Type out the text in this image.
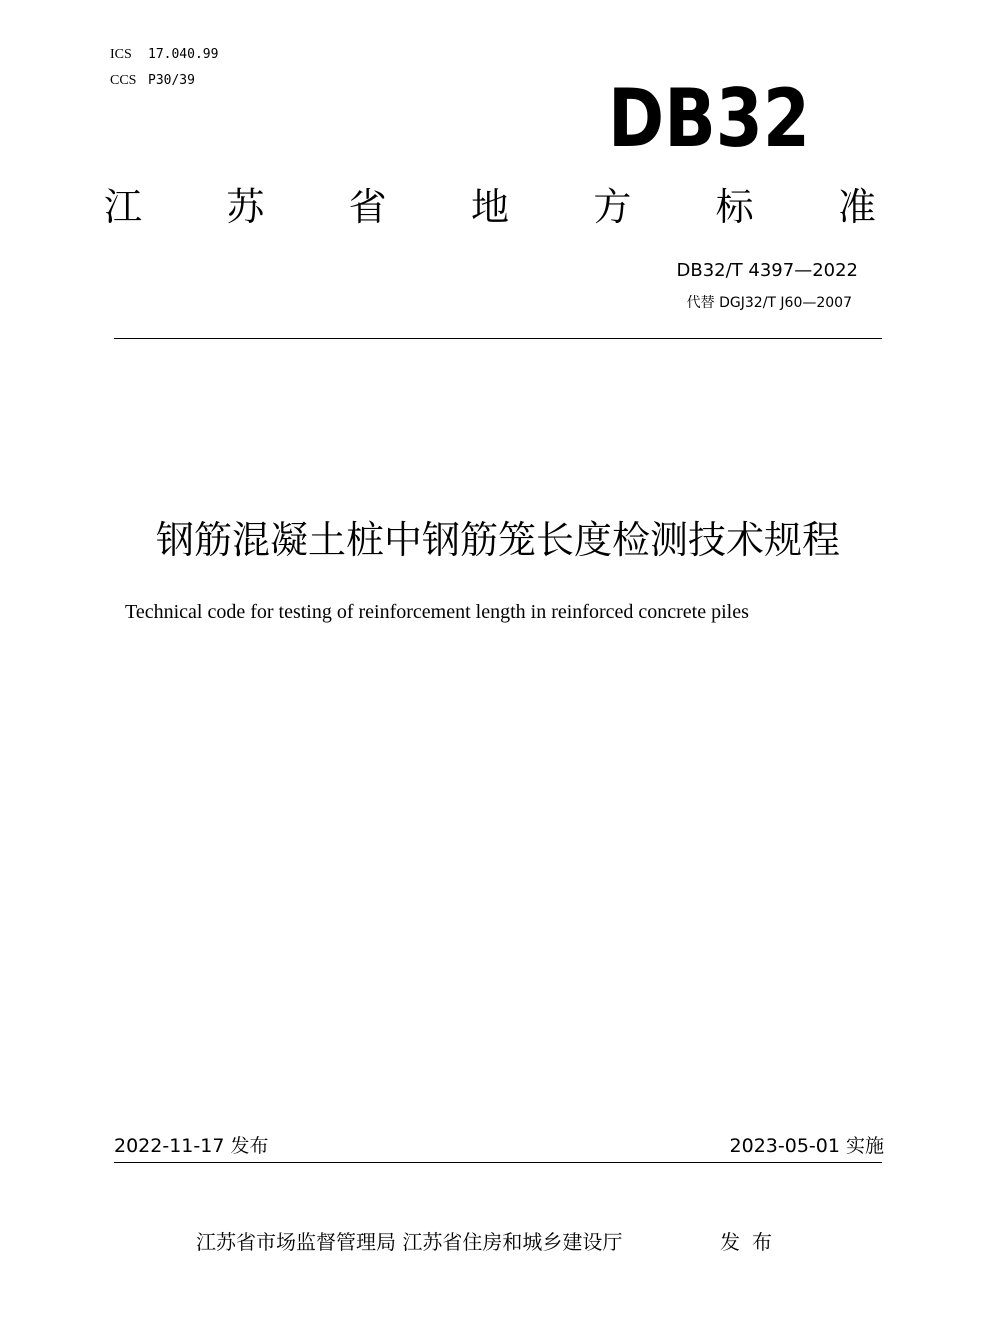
ICS 17.040.99
CCS P30/39	DB32
江 苏 省 地 方 标 准
DB32/T 4397—2022
代替 DGJ32/T J60—2007
钢筋混凝土桩中钢筋笼长度检测技术规程
Technical code for testing of reinforcement length in reinforced concrete piles
2022-11-17 发布	2023-05-01 实施
江苏省市场监督管理局 江苏省住房和城乡建设厅	发布
